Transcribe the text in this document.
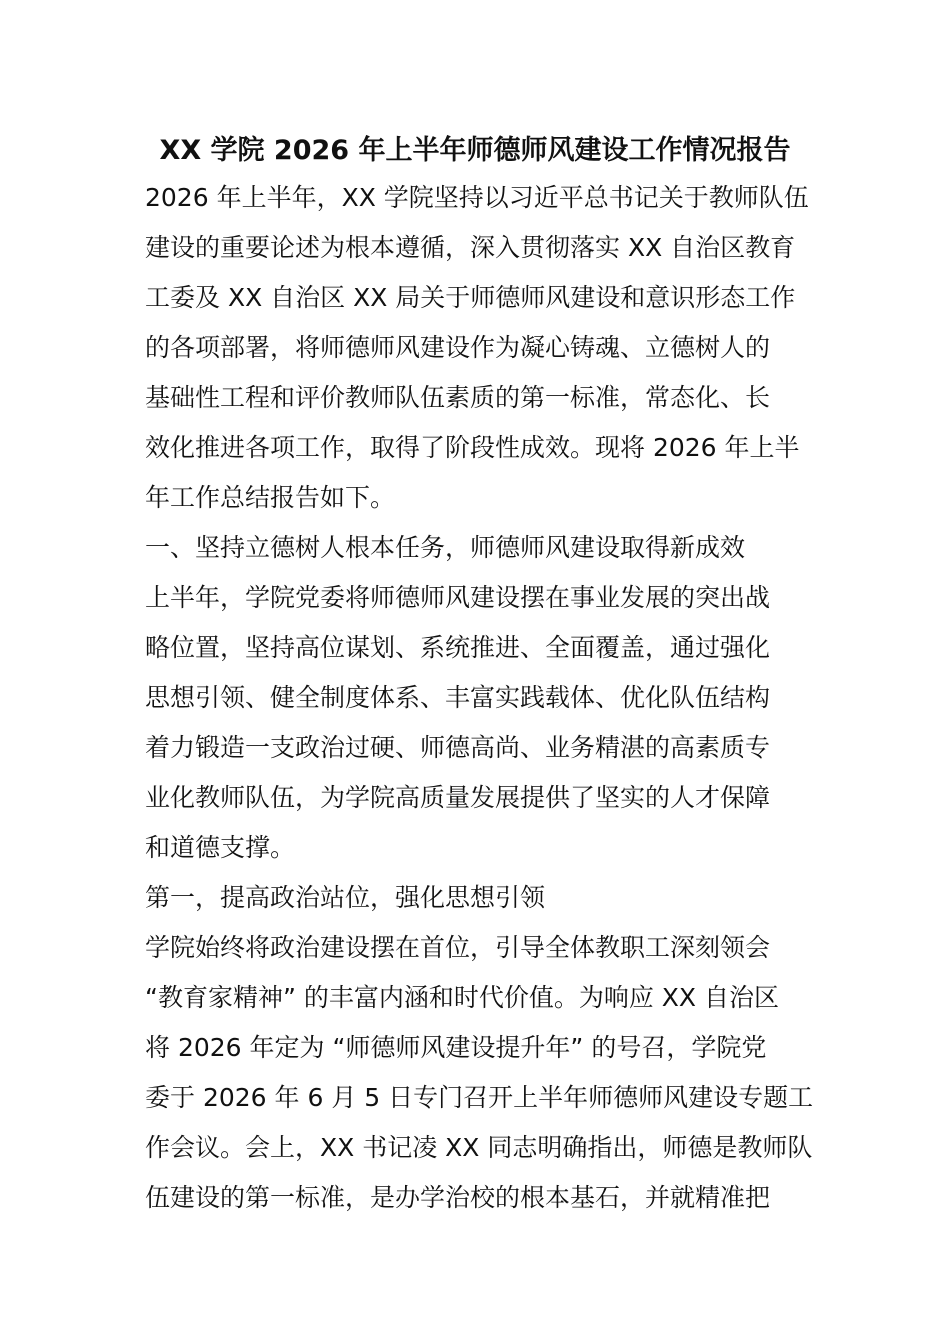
XX 学院 2026 年上半年师德师风建设工作情况报告
2026 年上半年，XX 学院坚持以习近平总书记关于教师队伍
建设的重要论述为根本遵循，深入贯彻落实 XX 自治区教育
工委及 XX 自治区 XX 局关于师德师风建设和意识形态工作
的各项部署，将师德师风建设作为凝心铸魂、立德树人的
基础性工程和评价教师队伍素质的第一标准，常态化、长
效化推进各项工作，取得了阶段性成效。现将 2026 年上半
年工作总结报告如下。
一、坚持立德树人根本任务，师德师风建设取得新成效
上半年，学院党委将师德师风建设摆在事业发展的突出战
略位置，坚持高位谋划、系统推进、全面覆盖，通过强化
思想引领、健全制度体系、丰富实践载体、优化队伍结构
着力锻造一支政治过硬、师德高尚、业务精湛的高素质专
业化教师队伍，为学院高质量发展提供了坚实的人才保障
和道德支撑。
第一，提高政治站位，强化思想引领
学院始终将政治建设摆在首位，引导全体教职工深刻领会
“教育家精神” 的丰富内涵和时代价值。为响应 XX 自治区
将 2026 年定为 “师德师风建设提升年” 的号召，学院党
委于 2026 年 6 月 5 日专门召开上半年师德师风建设专题工
作会议。会上，XX 书记凌 XX 同志明确指出，师德是教师队
伍建设的第一标准，是办学治校的根本基石，并就精准把
